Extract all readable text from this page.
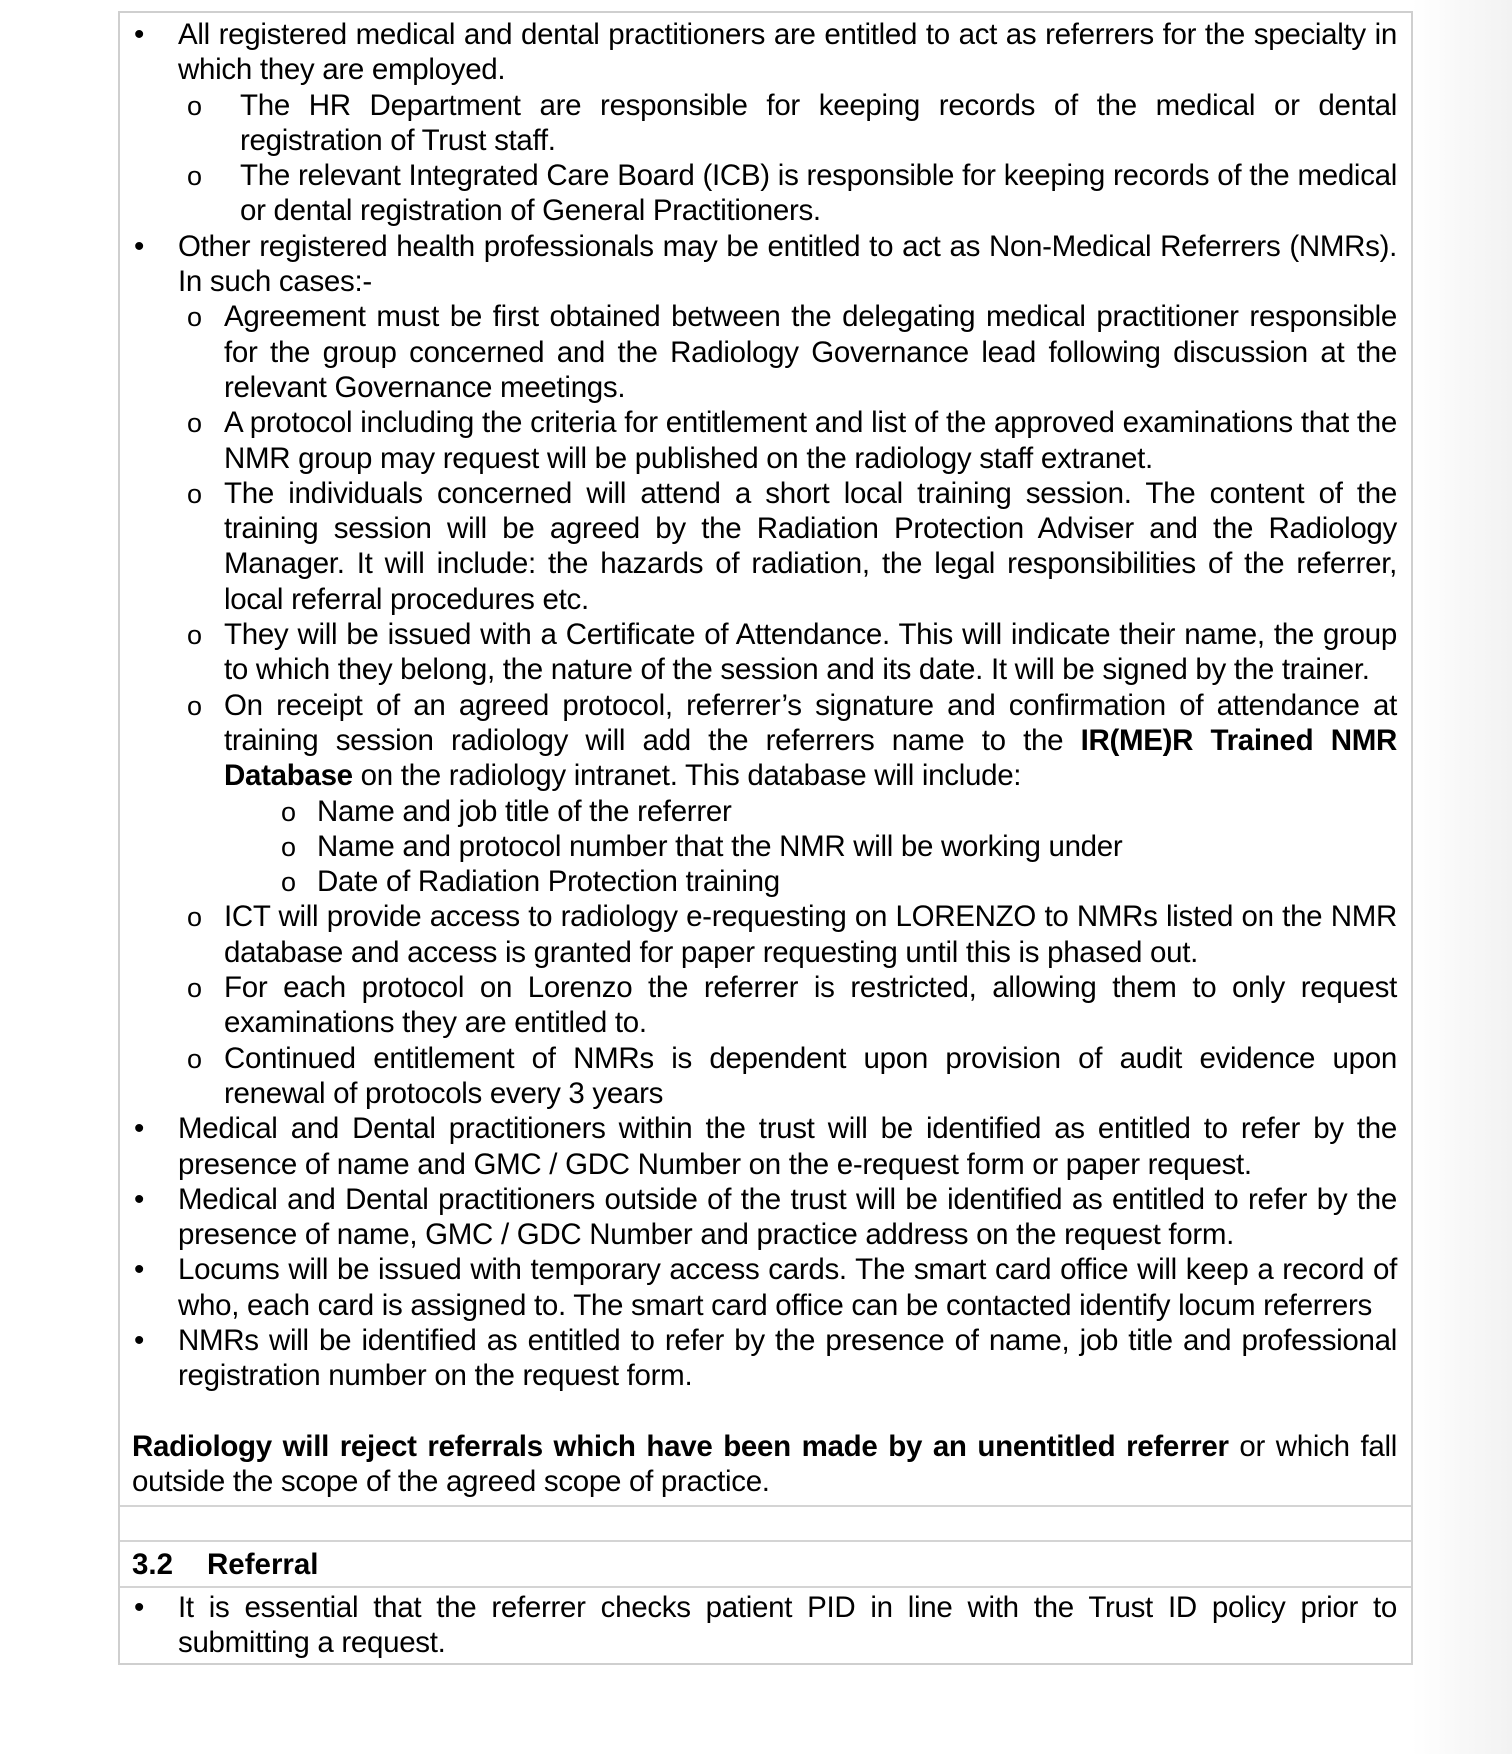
• All registered medical and dental practitioners are entitled to act as referrers for the specialty in which they are employed.
o The HR Department are responsible for keeping records of the medical or dental registration of Trust staff.
o The relevant Integrated Care Board (ICB) is responsible for keeping records of the medical or dental registration of General Practitioners.
• Other registered health professionals may be entitled to act as Non-Medical Referrers (NMRs). In such cases:-
o Agreement must be first obtained between the delegating medical practitioner responsible for the group concerned and the Radiology Governance lead following discussion at the relevant Governance meetings.
o A protocol including the criteria for entitlement and list of the approved examinations that the NMR group may request will be published on the radiology staff extranet.
o The individuals concerned will attend a short local training session. The content of the training session will be agreed by the Radiation Protection Adviser and the Radiology Manager. It will include: the hazards of radiation, the legal responsibilities of the referrer, local referral procedures etc.
o They will be issued with a Certificate of Attendance. This will indicate their name, the group to which they belong, the nature of the session and its date. It will be signed by the trainer.
o On receipt of an agreed protocol, referrer’s signature and confirmation of attendance at training session radiology will add the referrers name to the IR(ME)R Trained NMR Database on the radiology intranet. This database will include:
o Name and job title of the referrer
o Name and protocol number that the NMR will be working under
o Date of Radiation Protection training
o ICT will provide access to radiology e-requesting on LORENZO to NMRs listed on the NMR database and access is granted for paper requesting until this is phased out.
o For each protocol on Lorenzo the referrer is restricted, allowing them to only request examinations they are entitled to.
o Continued entitlement of NMRs is dependent upon provision of audit evidence upon renewal of protocols every 3 years
• Medical and Dental practitioners within the trust will be identified as entitled to refer by the presence of name and GMC / GDC Number on the e-request form or paper request.
• Medical and Dental practitioners outside of the trust will be identified as entitled to refer by the presence of name, GMC / GDC Number and practice address on the request form.
• Locums will be issued with temporary access cards. The smart card office will keep a record of who, each card is assigned to. The smart card office can be contacted identify locum referrers
• NMRs will be identified as entitled to refer by the presence of name, job title and professional registration number on the request form.

Radiology will reject referrals which have been made by an unentitled referrer or which fall outside the scope of the agreed scope of practice.

3.2 Referral
• It is essential that the referrer checks patient PID in line with the Trust ID policy prior to submitting a request.
